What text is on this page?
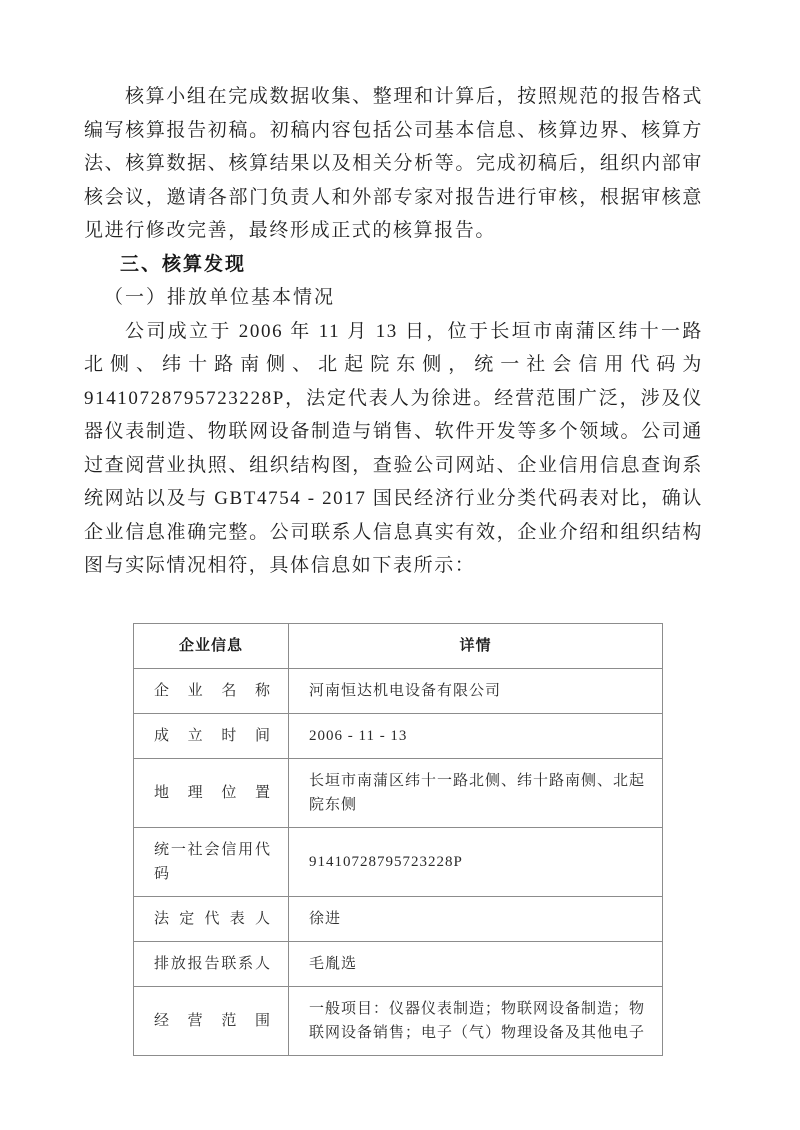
核算小组在完成数据收集、整理和计算后，按照规范的报告格式编写核算报告初稿。初稿内容包括公司基本信息、核算边界、核算方法、核算数据、核算结果以及相关分析等。完成初稿后，组织内部审核会议，邀请各部门负责人和外部专家对报告进行审核，根据审核意见进行修改完善，最终形成正式的核算报告。

三、核算发现
（一）排放单位基本情况

公司成立于 2006 年 11 月 13 日，位于长垣市南蒲区纬十一路北侧、纬十路南侧、北起院东侧，统一社会信用代码为 91410728795723228P，法定代表人为徐进。经营范围广泛，涉及仪器仪表制造、物联网设备制造与销售、软件开发等多个领域。公司通过查阅营业执照、组织结构图，查验公司网站、企业信用信息查询系统网站以及与 GBT4754 - 2017 国民经济行业分类代码表对比，确认企业信息准确完整。公司联系人信息真实有效，企业介绍和组织结构图与实际情况相符，具体信息如下表所示：

企业信息	详情
企业名称	河南恒达机电设备有限公司
成立时间	2006 - 11 - 13
地理位置	长垣市南蒲区纬十一路北侧、纬十路南侧、北起院东侧
统一社会信用代码	91410728795723228P
法定代表人	徐进
排放报告联系人	毛胤选
经营范围	一般项目：仪器仪表制造；物联网设备制造；物联网设备销售；电子（气）物理设备及其他电子
